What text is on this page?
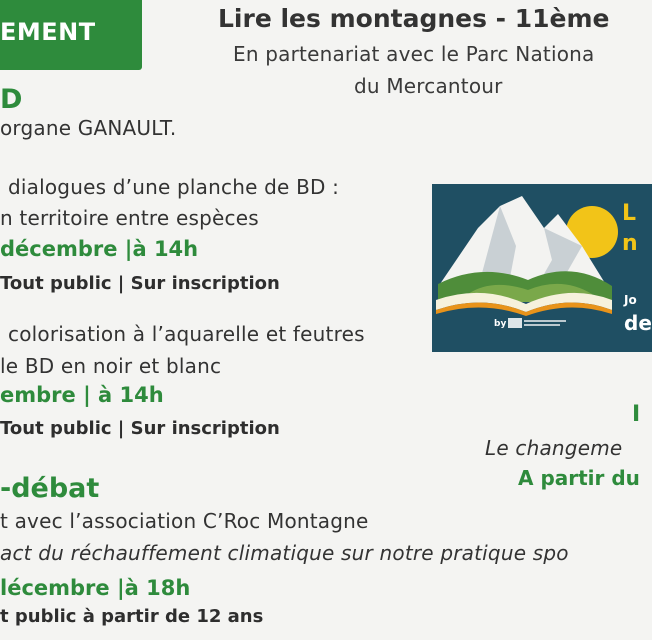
EMENT	Lire les montagnes - 11ème
En partenariat avec le Parc Nationa
du Mercantour
D
organe GANAULT.
dialogues d’une planche de BD :
n territoire entre espèces
décembre |à 14h
Tout public | Sur inscription
colorisation à l’aquarelle et feutres
le BD en noir et blanc
embre | à 14h
Tout public | Sur inscription
-débat
t avec l’association C’Roc Montagne
act du réchauffement climatique sur notre pratique spo
lécembre |à 18h
t public à partir de 12 ans
I
Le changeme
A partir du
by
L
n
Jo
de
